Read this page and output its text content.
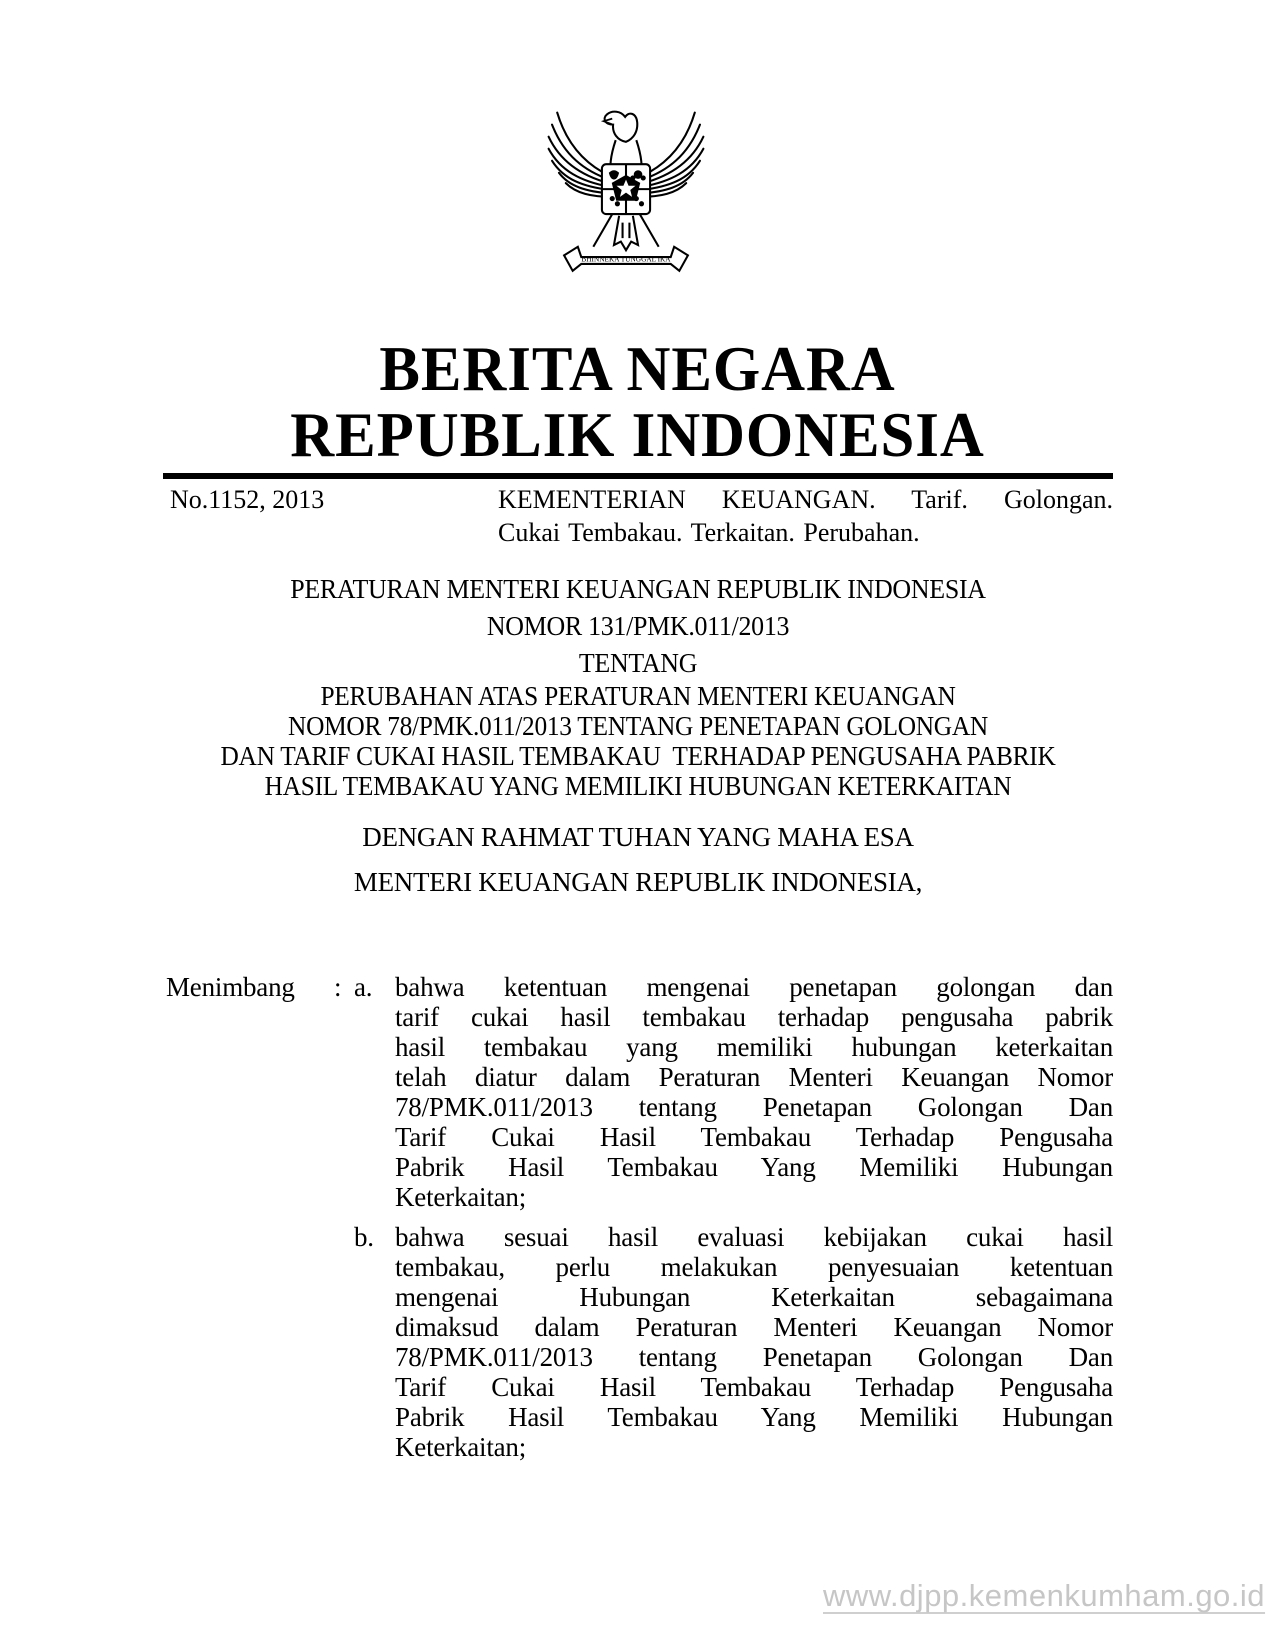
BHINNEKA TUNGGAL IKA
BERITA NEGARA
REPUBLIK INDONESIA
No.1152, 2013	KEMENTERIAN KEUANGAN. Tarif. Golongan.
Cukai Tembakau. Terkaitan. Perubahan.
PERATURAN MENTERI KEUANGAN REPUBLIK INDONESIA
NOMOR 131/PMK.011/2013
TENTANG
PERUBAHAN ATAS PERATURAN MENTERI KEUANGAN
NOMOR 78/PMK.011/2013 TENTANG PENETAPAN GOLONGAN
DAN TARIF CUKAI HASIL TEMBAKAU  TERHADAP PENGUSAHA PABRIK
HASIL TEMBAKAU YANG MEMILIKI HUBUNGAN KETERKAITAN
DENGAN RAHMAT TUHAN YANG MAHA ESA
MENTERI KEUANGAN REPUBLIK INDONESIA,
Menimbang : a. bahwa ketentuan mengenai penetapan golongan dan
tarif cukai hasil tembakau terhadap pengusaha pabrik
hasil tembakau yang memiliki hubungan keterkaitan
telah diatur dalam Peraturan Menteri Keuangan Nomor
78/PMK.011/2013 tentang Penetapan Golongan Dan
Tarif Cukai Hasil Tembakau Terhadap Pengusaha
Pabrik Hasil Tembakau Yang Memiliki Hubungan
Keterkaitan;
b. bahwa sesuai hasil evaluasi kebijakan cukai hasil
tembakau, perlu melakukan penyesuaian ketentuan
mengenai Hubungan Keterkaitan sebagaimana
dimaksud dalam Peraturan Menteri Keuangan Nomor
78/PMK.011/2013 tentang Penetapan Golongan Dan
Tarif Cukai Hasil Tembakau Terhadap Pengusaha
Pabrik Hasil Tembakau Yang Memiliki Hubungan
Keterkaitan;
www.djpp.kemenkumham.go.id
